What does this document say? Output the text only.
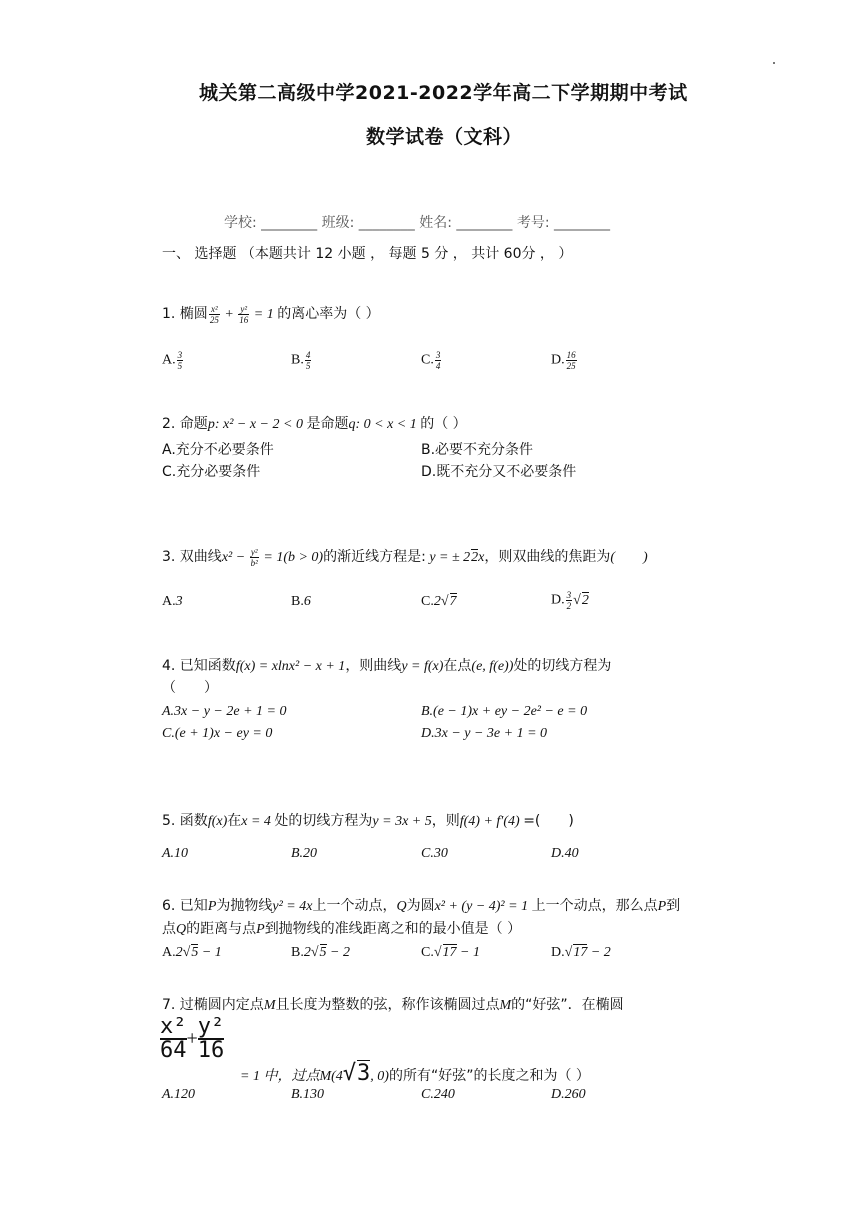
城关第二高级中学2021-2022学年高二下学期期中考试
数学试卷（文科）
学校: ________ 班级: ________ 姓名: ________ 考号: ________
一、 选择题 （本题共计 12 小题 ， 每题 5 分 ， 共计 60分 ， ）
1. 椭圆 $\frac{\text{x²}}{25} + \frac{\text{y²}}{16} = 1$ 的离心率为（ ）
A. $\frac{3}{5}$	B. $\frac{4}{5}$	C. $\frac{3}{4}$	D. $\frac{16}{25}$
2. 命题p: x² − x − 2 < 0 是命题q: 0 < x < 1 的（ ）
A.充分不必要条件	B.必要不充分条件
C.充分必要条件	D.既不充分又不必要条件
3. 双曲线$x^2 - \frac{\text{y²}}{\text{b²}} = 1(b > 0)$的渐近线方程是: y = ± 22x，则双曲线的焦距为(　　)
A.3	B.6	C.2√7	D. $\frac{3}{2} √2$
4. 已知函数f(x) = xlnx² − x + 1，则曲线y = f(x)在点(e, f(e))处的切线方程为
（　　）
A.3x − y − 2e + 1 = 0	B.(e − 1)x + ey − 2e² − e = 0
C.(e + 1)x − ey = 0	D.3x − y − 3e + 1 = 0
5. 函数f(x)在x = 4 处的切线方程为y = 3x + 5，则f(4) + f′(4) =(　　)
A.10	B.20	C.30	D.40
6. 已知P为抛物线y² = 4x上一个动点，Q为圆x² + (y − 4)² = 1 上一个动点，那么点P到
点Q的距离与点P到抛物线的准线距离之和的最小值是（ ）
A.2√5 − 1	B.2√5 − 2	C.√17 − 1	D.√17 − 2
7. 过椭圆内定点M且长度为整数的弦，称作该椭圆过点M的“好弦”．在椭圆
$\frac{\text{x²}}{64} + \frac{\text{y²}}{16}$
= 1 中，过点M(4√3, 0)的所有“好弦”的长度之和为（ ）
A.120	B.130	C.240	D.260
